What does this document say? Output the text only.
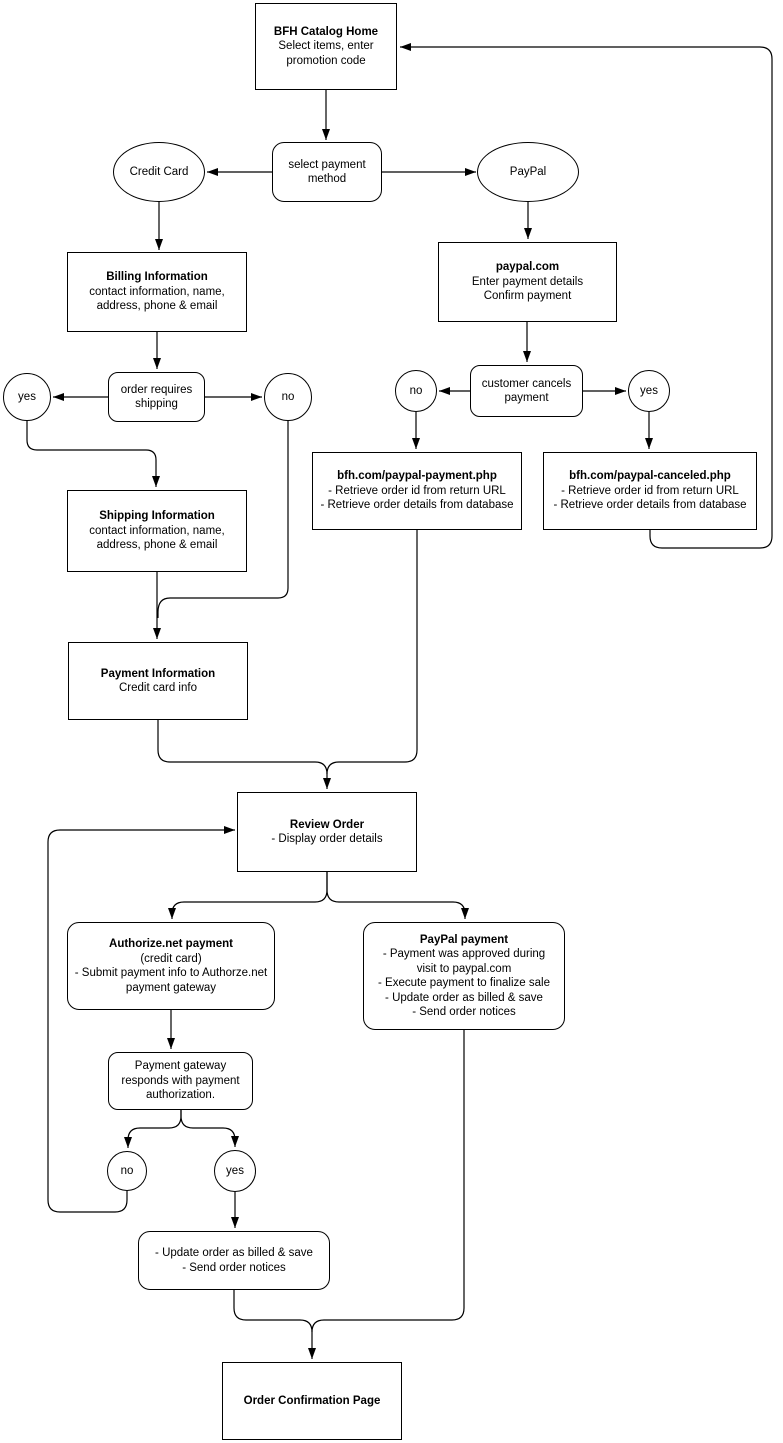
BFH Catalog Home
Select items, enter
promotion code
select payment method
Credit Card	PayPal
Billing Information
contact information, name,
address, phone & email
paypal.com
Enter payment details
Confirm payment
order requires shipping
yes	no
customer cancels payment
no	yes
bfh.com/paypal-payment.php
- Retrieve order id from return URL
- Retrieve order details from database
bfh.com/paypal-canceled.php
- Retrieve order id from return URL
- Retrieve order details from database
Shipping Information
contact information, name,
address, phone & email
Payment Information
Credit card info
Review Order
- Display order details
Authorize.net payment
(credit card)
- Submit payment info to Authorze.net
payment gateway
PayPal payment
- Payment was approved during
visit to paypal.com
- Execute payment to finalize sale
- Update order as billed & save
- Send order notices
Payment gateway responds with payment authorization.
no	yes
- Update order as billed & save
- Send order notices
Order Confirmation Page
